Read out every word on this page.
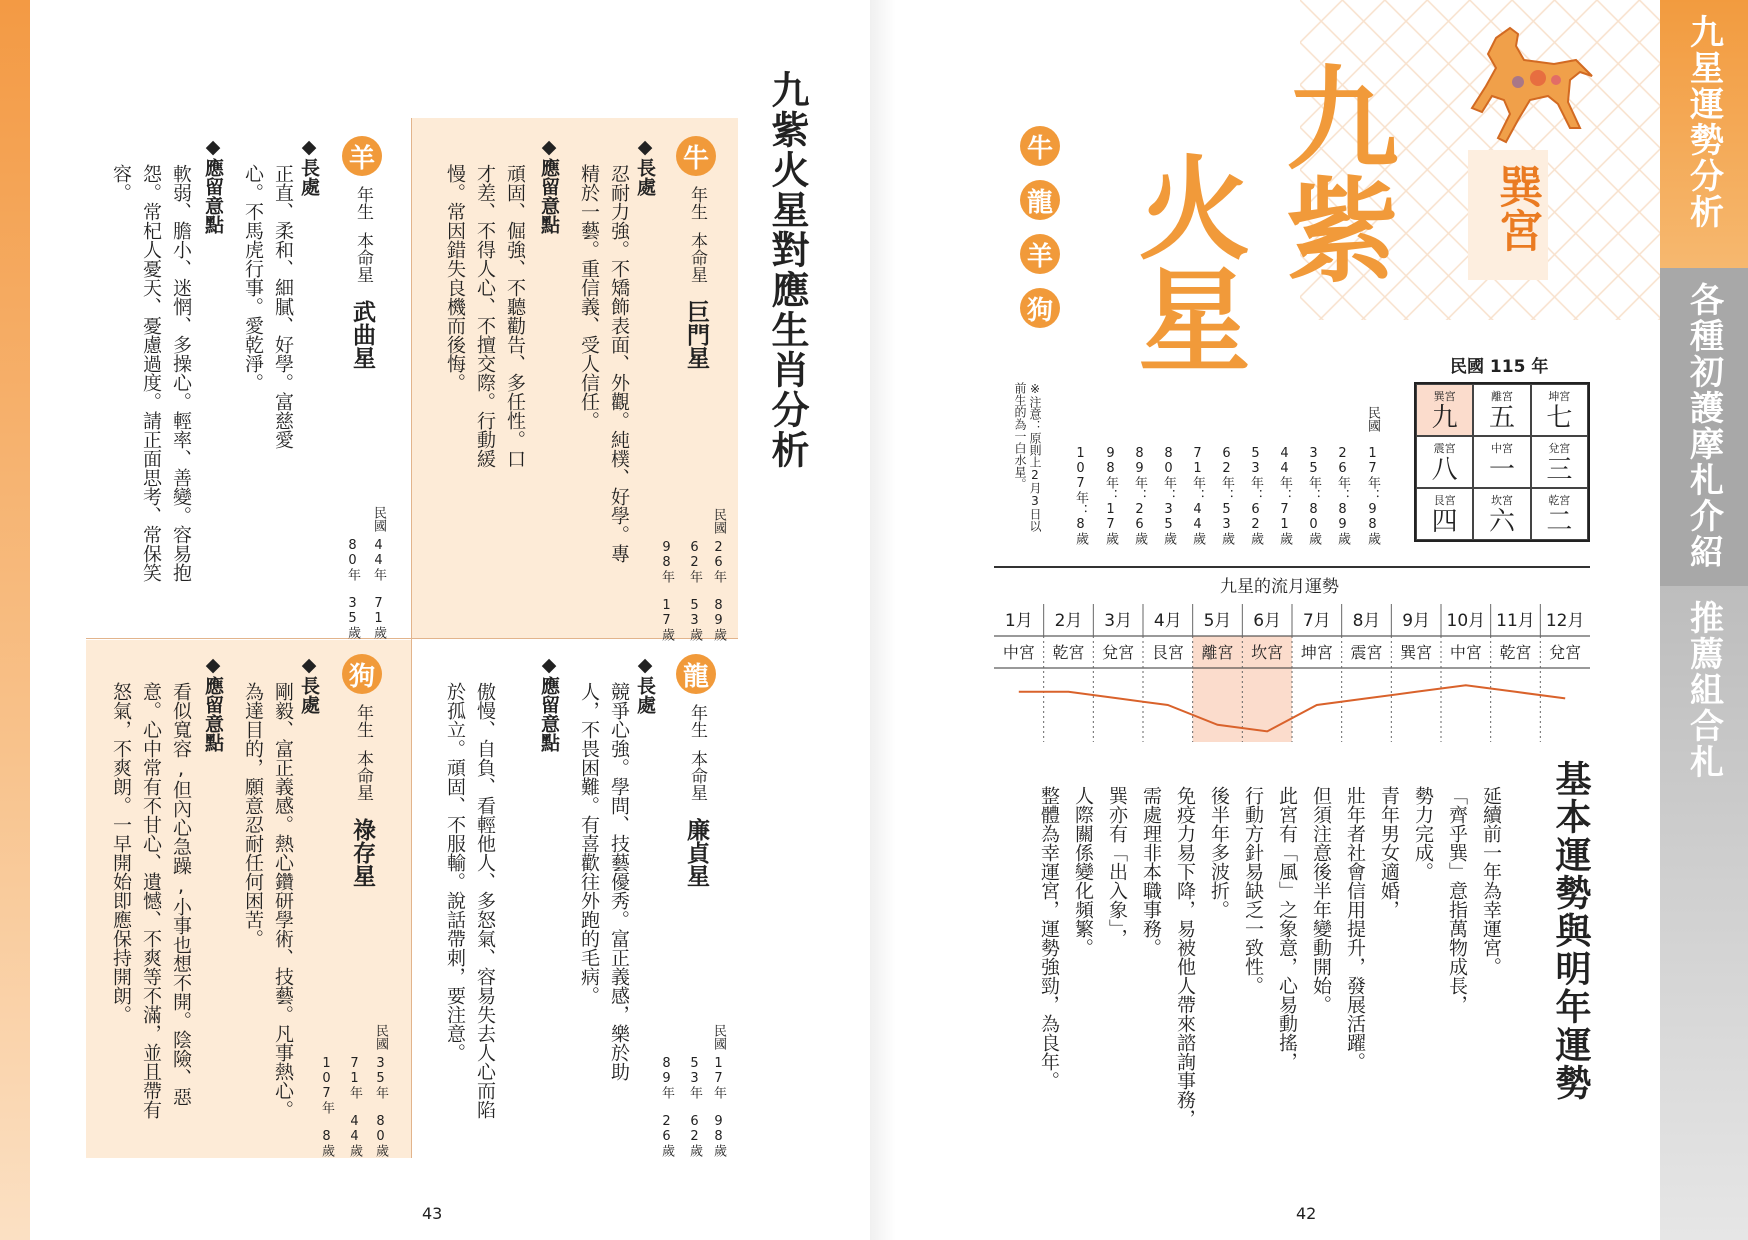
九星運勢分析
各種初護摩札介紹
推薦組合札
九紫火星對應生肖分析
牛
年生
本命星
巨門星
民國
26年 89歲
62年 53歲
98年 17歲
◆長處
忍耐力強。不矯飾表面、外觀。純樸、好學。專精於一藝。重信義、受人信任。
◆應留意點
頑固、倔強、不聽勸告、多任性。口才差、不得人心、不擅交際。行動緩慢。常因錯失良機而後悔。
羊
年生
本命星
武曲星
民國
44年 71歲
80年 35歲
◆長處
正直、柔和、細膩、好學。富慈愛心。不馬虎行事。愛乾淨。
◆應留意點
軟弱、膽小、迷惘、多操心。輕率、善變。容易抱怨。常杞人憂天、憂慮過度。請正面思考、常保笑容。
龍
年生
本命星
廉貞星
民國
17年 98歲
53年 62歲
89年 26歲
◆長處
競爭心強。學問、技藝優秀。富正義感，樂於助人，不畏困難。有喜歡往外跑的毛病。
◆應留意點
傲慢、自負、看輕他人、多怒氣、容易失去人心而陷於孤立。頑固、不服輸。說話帶刺，要注意。
狗
年生
本命星
祿存星
民國
35年 80歲
71年 44歲
107年 8歲
◆長處
剛毅、富正義感。熱心鑽研學術、技藝。凡事熱心。為達目的，願意忍耐任何困苦。
◆應留意點
看似寬容,但內心急躁,小事也想不開。陰險、惡意。心中常有不甘心、遺憾、不爽等不滿，並且帶有怒氣，不爽朗。一早開始即應保持開朗。
43
巽宮
九紫
火星
牛
龍
羊
狗
民國
17年：98歲
26年：89歲
35年：80歲
44年：71歲
53年：62歲
62年：53歲
71年：44歲
80年：35歲
89年：26歲
98年：17歲
107年：8歲
※注意：原則上2月3日以前生的為一白水星。
民國 115 年
巽宮
九
離宮
五
坤宮
七
震宮
八
中宮
一
兌宮
三
艮宮
四
坎宮
六
乾宮
二
九星的流月運勢
1月
中宮
2月
乾宮
3月
兌宮
4月
艮宮
5月
離宮
6月
坎宮
7月
坤宮
8月
震宮
9月
巽宮
10月
中宮
11月
乾宮
12月
兌宮
基本運勢與明年運勢
延續前一年為幸運宮。
「齊乎巽」意指萬物成長，
勢力完成。
青年男女適婚，
壯年者社會信用提升，發展活躍。
但須注意後半年變動開始。
此宮有「風」之象意，心易動搖，
行動方針易缺乏一致性。
後半年多波折。
免疫力易下降，易被他人帶來諮詢事務，
需處理非本職事務。
巽亦有「出入象」，
人際關係變化頻繁。
整體為幸運宮，運勢強勁，為良年。
42
